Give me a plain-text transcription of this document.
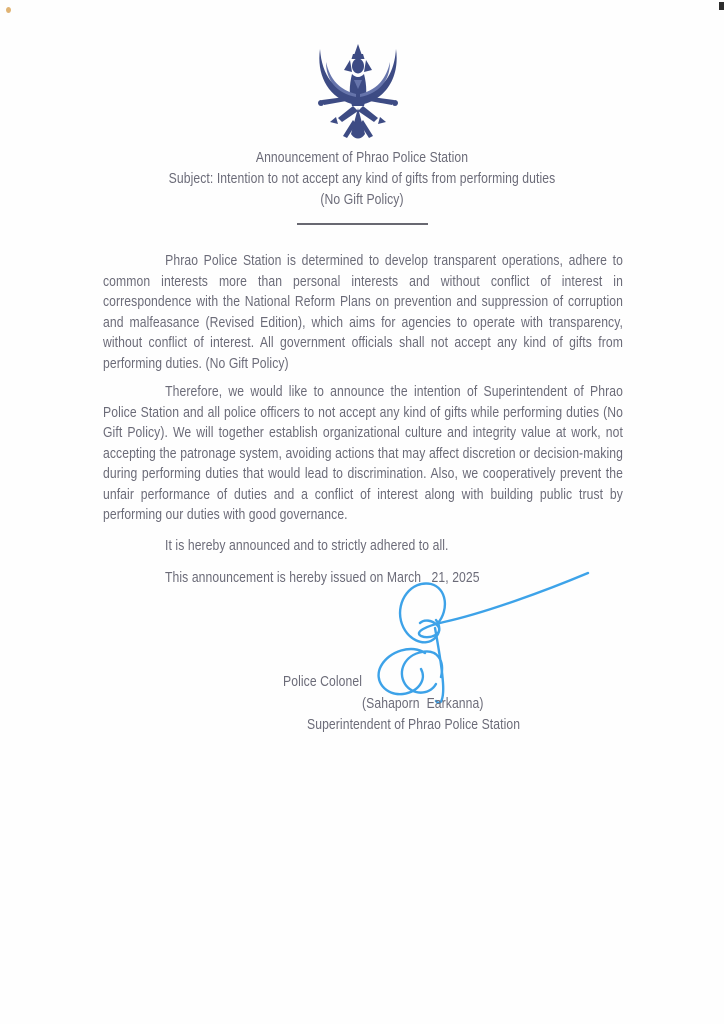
Announcement of Phrao Police Station
Subject: Intention to not accept any kind of gifts from performing duties
(No Gift Policy)
Phrao Police Station is determined to develop transparent operations, adhere to common interests more than personal interests and without conflict of interest in correspondence with the National Reform Plans on prevention and suppression of corruption and malfeasance (Revised Edition), which aims for agencies to operate with transparency, without conflict of interest. All government officials shall not accept any kind of gifts from performing duties. (No Gift Policy)
Therefore, we would like to announce the intention of Superintendent of Phrao Police Station and all police officers to not accept any kind of gifts while performing duties (No Gift Policy). We will together establish organizational culture and integrity value at work, not accepting the patronage system, avoiding actions that may affect discretion or decision-making during performing duties that would lead to discrimination. Also, we cooperatively prevent the unfair performance of duties and a conflict of interest along with building public trust by performing our duties with good governance.
It is hereby announced and to strictly adhered to all.
This announcement is hereby issued on March   21, 2025
Police Colonel
(Sahaporn  Earkanna)
Superintendent of Phrao Police Station
